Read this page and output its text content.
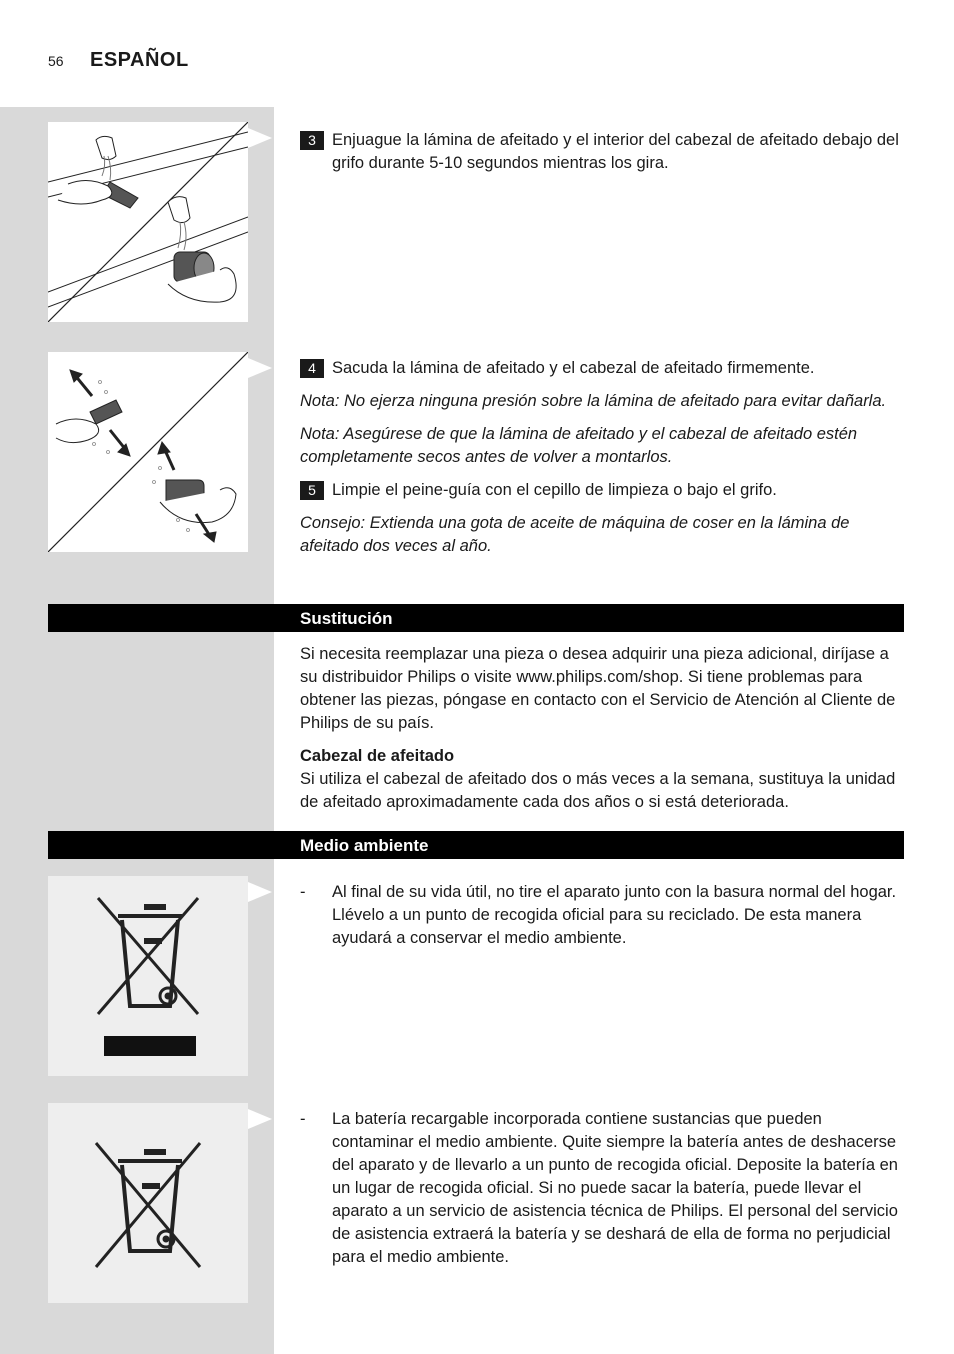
56 ESPAÑOL
3 Enjuague la lámina de afeitado y el interior del cabezal de afeitado debajo del grifo durante 5-10 segundos mientras los gira.

4 Sacuda la lámina de afeitado y el cabezal de afeitado firmemente.

Nota: No ejerza ninguna presión sobre la lámina de afeitado para evitar dañarla.

Nota: Asegúrese de que la lámina de afeitado y el cabezal de afeitado estén completamente secos antes de volver a montarlos.

5 Limpie el peine-guía con el cepillo de limpieza o bajo el grifo.

Consejo: Extienda una gota de aceite de máquina de coser en la lámina de afeitado dos veces al año.

Sustitución

Si necesita reemplazar una pieza o desea adquirir una pieza adicional, diríjase a su distribuidor Philips o visite www.philips.com/shop. Si tiene problemas para obtener las piezas, póngase en contacto con el Servicio de Atención al Cliente de Philips de su país.

Cabezal de afeitado

Si utiliza el cabezal de afeitado dos o más veces a la semana, sustituya la unidad de afeitado aproximadamente cada dos años o si está deteriorada.

Medio ambiente
- Al final de su vida útil, no tire el aparato junto con la basura normal del hogar. Llévelo a un punto de recogida oficial para su reciclado. De esta manera ayudará a conservar el medio ambiente.

- La batería recargable incorporada contiene sustancias que pueden contaminar el medio ambiente. Quite siempre la batería antes de deshacerse del aparato y de llevarlo a un punto de recogida oficial. Deposite la batería en un lugar de recogida oficial. Si no puede sacar la batería, puede llevar el aparato a un servicio de asistencia técnica de Philips. El personal del servicio de asistencia extraerá la batería y se deshará de ella de forma no perjudicial para el medio ambiente.
